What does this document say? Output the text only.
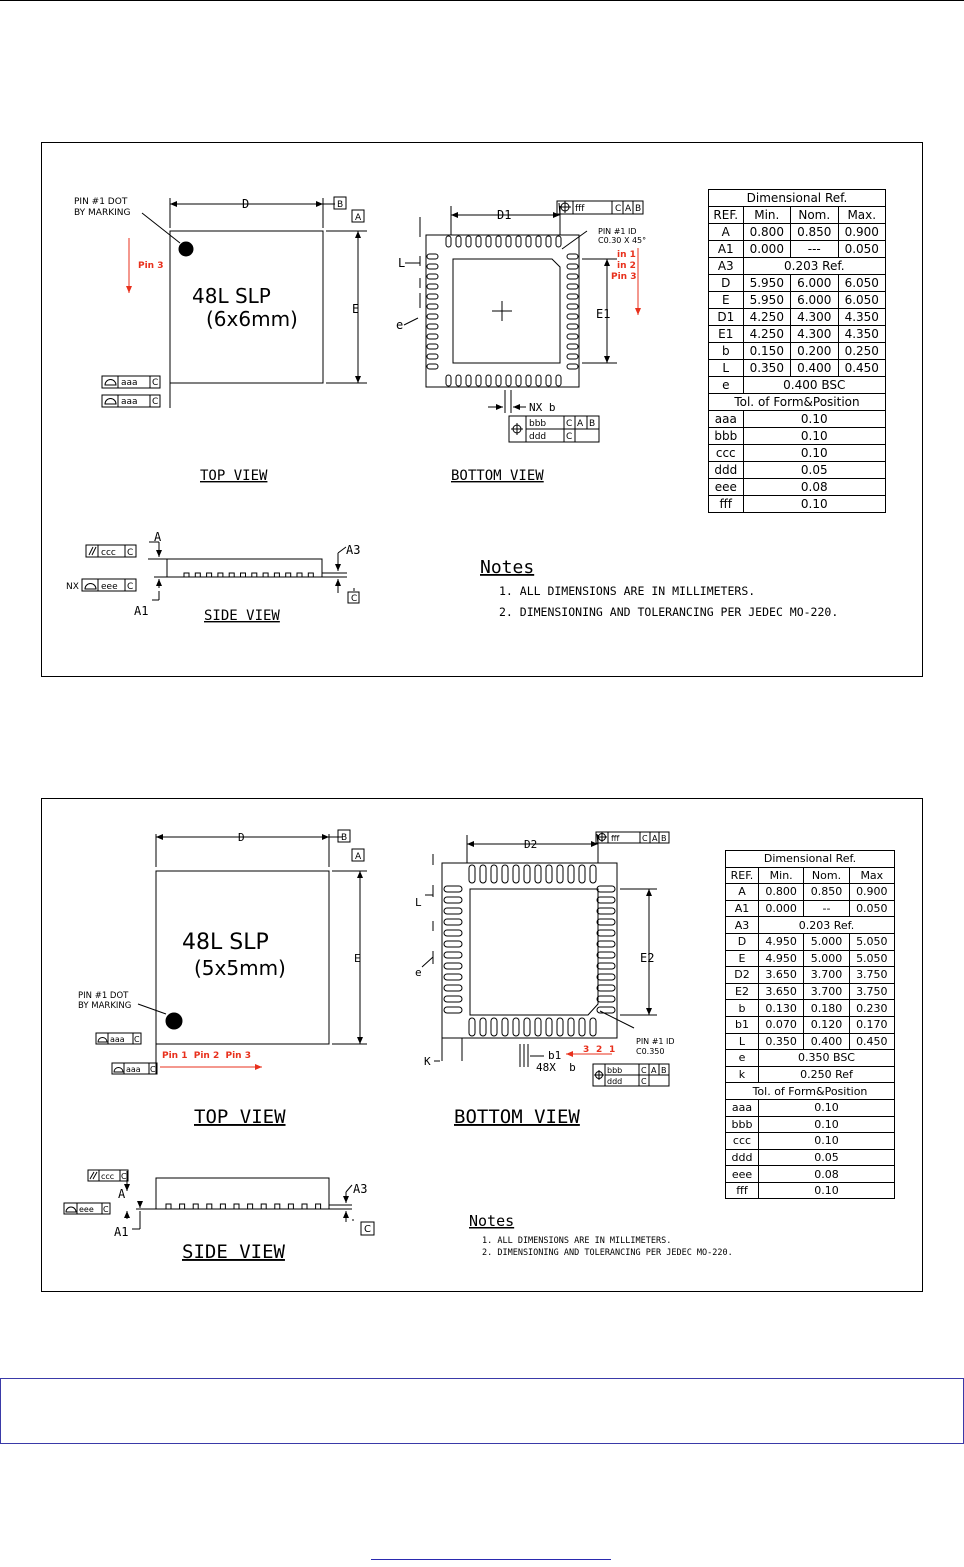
PIN #1 DOT
BY MARKING
Pin 3
48L SLP
(6x6mm)
D
E
B
A
aaa C
aaa C
D1
E1
L
e
NX b
PIN #1 ID
C0.30 X 45°
in 1
in 2
Pin 3
fff	C A B
bbb C A B
ddd C
A
A1
A3
ccc C
NX eee C
C
TOP VIEW	BOTTOM VIEW
SIDE VIEW
Notes
1. ALL DIMENSIONS ARE IN MILLIMETERS.
2. DIMENSIONING AND TOLERANCING PER JEDEC MO-220.
Dimensional Ref.			
REF.	Min.	Nom.	Max.
A	0.800	0.850	0.900
A1	0.000	---	0.050
A3	0.203 Ref.		
D	5.950	6.000	6.050
E	5.950	6.000	6.050
D1	4.250	4.300	4.350
E1	4.250	4.300	4.350
b	0.150	0.200	0.250
L	0.350	0.400	0.450
e	0.400 BSC		
Tol. of Form&Position			
aaa	0.10		
bbb	0.10		
ccc	0.10		
ddd	0.05		
eee	0.08		
fff	0.10		
PIN #1 DOT
BY MARKING
Pin 1  Pin 2  Pin 3
48L SLP
(5x5mm)
D
E
B
A
aaa C
aaa C
D2
E2
L
e
K	b1
48X  b
PIN #1 ID
C0.350
3 2 1
fff	C A B
bbb C A B
ddd C
A
A1
A3
ccc C
eee C
C
TOP VIEW	BOTTOM VIEW
SIDE VIEW
Notes
1. ALL DIMENSIONS ARE IN MILLIMETERS.
2. DIMENSIONING AND TOLERANCING PER JEDEC MO-220.
Dimensional Ref.			
REF.	Min.	Nom.	Max
A	0.800	0.850	0.900
A1	0.000	--	0.050
A3	0.203 Ref.		
D	4.950	5.000	5.050
E	4.950	5.000	5.050
D2	3.650	3.700	3.750
E2	3.650	3.700	3.750
b	0.130	0.180	0.230
b1	0.070	0.120	0.170
L	0.350	0.400	0.450
e	0.350 BSC		
k	0.250 Ref		
Tol. of Form&Position			
aaa	0.10		
bbb	0.10		
ccc	0.10		
ddd	0.05		
eee	0.08		
fff	0.10		
